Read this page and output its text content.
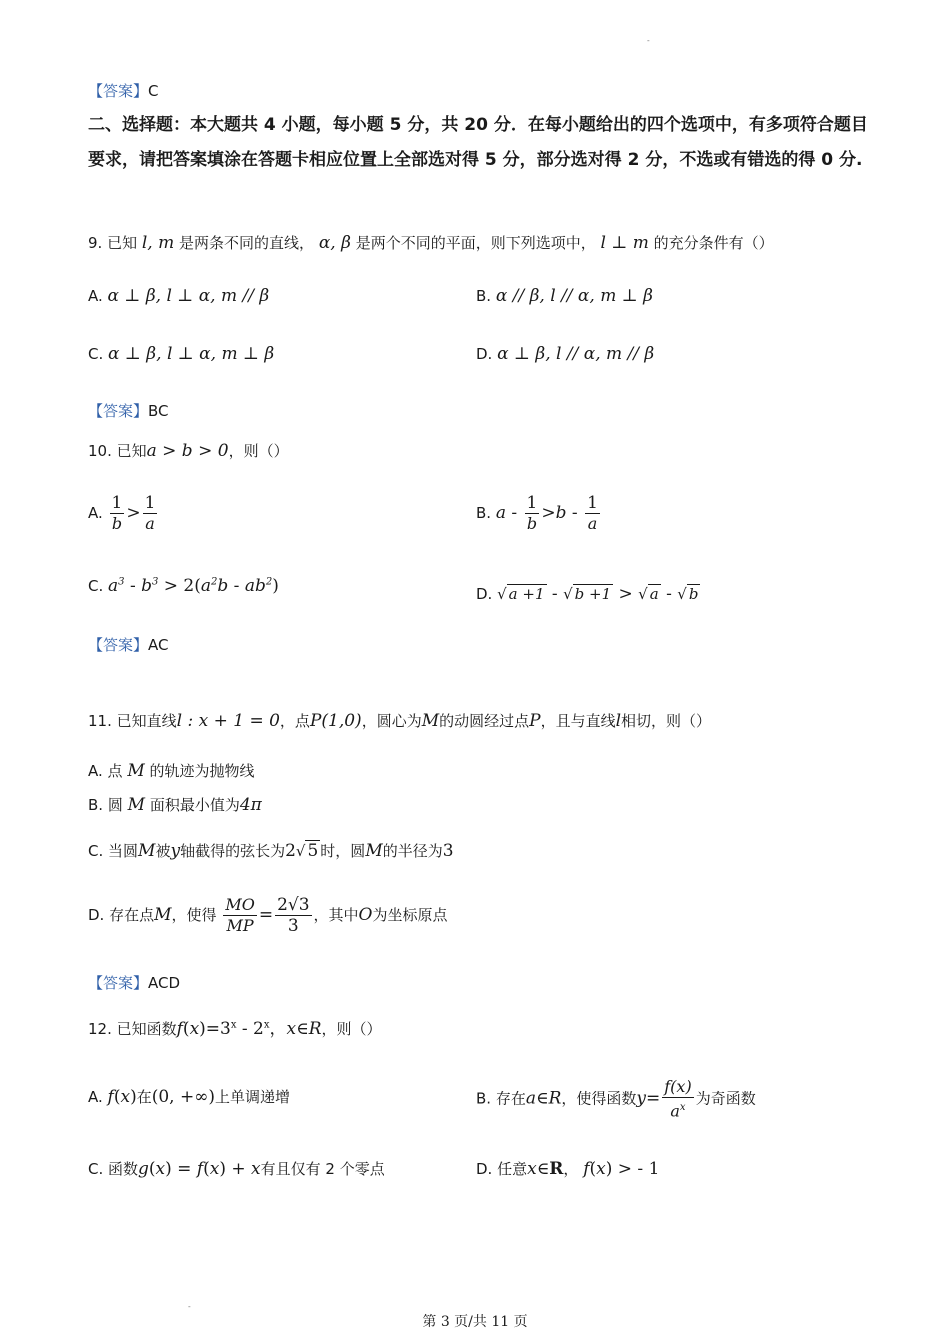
-
【答案】C
二、选择题：本大题共 4 小题，每小题 5 分，共 20 分．在每小题给出的四个选项中，有多项符合题目要求，请把答案填涂在答题卡相应位置上全部选对得 5 分，部分选对得 2 分，不选或有错选的得 0 分.
9. 已知 l, m 是两条不同的直线， α, β 是两个不同的平面，则下列选项中， l ⊥ m 的充分条件有（）
A. α ⊥ β, l ⊥ α, m // β	B. α // β, l // α, m ⊥ β
C. α ⊥ β, l ⊥ α, m ⊥ β	D. α ⊥ β, l // α, m // β
【答案】BC
10. 已知a > b > 0，则（）
A. $\frac{1}{b} > \frac{1}{a}$	B. $a - \frac{1}{b} >b - \frac{1}{a}$
C. $a^3 - b^3 > 2(a^2b - ab^2)$	D. √ a +1 - √ b +1 > √ a - √ b
【答案】AC
11. 已知直线l : x + 1 = 0，点P(1,0)，圆心为M的动圆经过点P，且与直线l相切，则（）
A. 点 M 的轨迹为抛物线
B. 圆 M 面积最小值为4π
C. 当圆M被y轴截得的弦长为2√ 5 时，圆M的半径为3
D. 存在点M，使得 $\frac{MO}{MP} = \frac{2√3}{3}$ ，其中O为坐标原点
【答案】ACD
12. 已知函数$f(x)=3^x - 2^x$，x∈R，则（）
A. f(x)在(0, +∞)上单调递增	B. 存在a∈R，使得函数$y= \frac{f(x)}{a^x}$ 为奇函数
C. 函数g(x) = f(x) + x有且仅有 2 个零点	D. 任意x∈R， f(x) > - 1
-
第 3 页/共 11 页
